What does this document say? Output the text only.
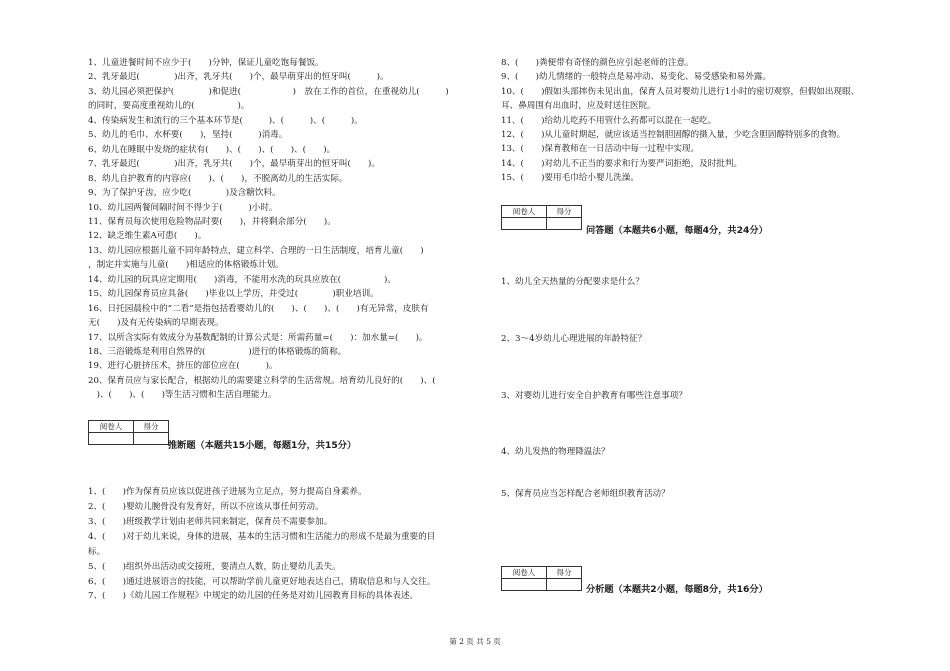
1、儿童进餐时间不应少于(　　)分钟，保证儿童吃饱每餐饭。
2、乳牙最迟(　　　　)出齐，乳牙共(　　)个，最早萌芽出的恒牙叫(　　　)。
3、幼儿园必须把保护(　　　　)和促进(　　　　　　)　放在工作的首位，在重视幼儿(　　　)
的同时，要高度重视幼儿的(　　　　　)。
4、传染病发生和流行的三个基本环节是(　　　)、(　　　)、(　　　)。
5、幼儿的毛巾、水杯要(　　)，坚持(　　　)消毒。
6、幼儿在睡眠中发烧的症状有(　　)、(　　)、(　　)、(　　)。
7、乳牙最迟(　　　　)出齐，乳牙共(　　)个，最早萌芽出的恒牙叫(　　)。
8、幼儿自护教育的内容应(　　)、(　　)，不脱离幼儿的生活实际。
9、为了保护牙齿，应少吃(　　　　)及含糖饮料。
10、幼儿园两餐间隔时间不得少于(　　　)小时。
11、保育员每次使用危险物品时要(　　)，并将剩余部分(　　)。
12、缺乏维生素A可患(　　)。
13、幼儿园应根据儿童不同年龄特点，建立科学、合理的一日生活制度，培育儿童(　　)
，制定并实施与儿童(　　)相适应的体格锻炼计划。
14、幼儿园的玩具应定期用(　　)消毒，不能用水洗的玩具应放在(　　　　　)。
15、幼儿园保育员应具备(　　)毕业以上学历，并受过(　　　　)职业培训。
16、日托园晨检中的“二看”是指包括看婴幼儿的(　　)、(　　)、(　　)有无异常，皮肤有
无(　　)及有无传染病的早期表现。
17、以所含实际有效成分为基数配制的计算公式是：所需药量=(　　)：加水量=(　　)。
18、三浴锻炼是利用自然界的(　　　　　)进行的体格锻炼的简称。
19、进行心脏挤压术，挤压的部位应在(　　　)。
20、保育员应与家长配合，根据幼儿的需要建立科学的生活常规。培育幼儿良好的(　　)、(
　)、(　　)、(　　)等生活习惯和生活自理能力。
阅卷人	得分

推断题（本题共15小题，每题1分，共15分）
1、(　　)作为保育员应该以促进孩子进展为立足点，努力提高自身素养。
2、(　　)婴幼儿腕骨没有发育好，所以不应该从事任何劳动。
3、(　　)班级教学计划由老师共同来制定，保育员不需要参加。
4、(　　)对于幼儿来说，身体的进展，基本的生活习惯和生活能力的形成不是最为重要的目
标。
5、(　　)组织外出活动或交接班，要清点人数，防止婴幼儿丢失。
6、(　　)通过进展语言的技能，可以帮助学前儿童更好地表达自己，猜取信息和与人交往。
7、(　　)《幼儿园工作规程》中规定的幼儿园的任务是对幼儿园教育目标的具体表述。
8、(　　)粪便带有奇怪的颜色应引起老师的注意。
9、(　　)幼儿情绪的一般特点是易冲动、易变化、易受感染和易外露。
10、(　　)假如头部摔伤未见出血，保育人员对婴幼儿进行1小时的密切观察，但假如出现眼、
耳、鼻周围有出血时，应及时送往医院。
11、(　　)给幼儿吃药不用管什么药都可以混在一起吃。
12、(　　)从儿童时期起，就应该适当控制胆固醇的摄入量，少吃含胆固醇特别多的食物。
13、(　　)保育教师在一日活动中每一过程中实现。
14、(　　)对幼儿不正当的要求和行为要严词拒绝，及时批判。
15、(　　)要用毛巾给小婴儿洗澡。
阅卷人	得分

问答题（本题共6小题，每题4分，共24分）
1、幼儿全天热量的分配要求是什么？
2、3～4岁幼儿心理进展的年龄特征？
3、对婴幼儿进行安全自护教育有哪些注意事项？
4、幼儿发热的物理降温法？
5、保育员应当怎样配合老师组织教育活动？
阅卷人	得分

分析题（本题共2小题，每题8分，共16分）
第 2 页 共 5 页
